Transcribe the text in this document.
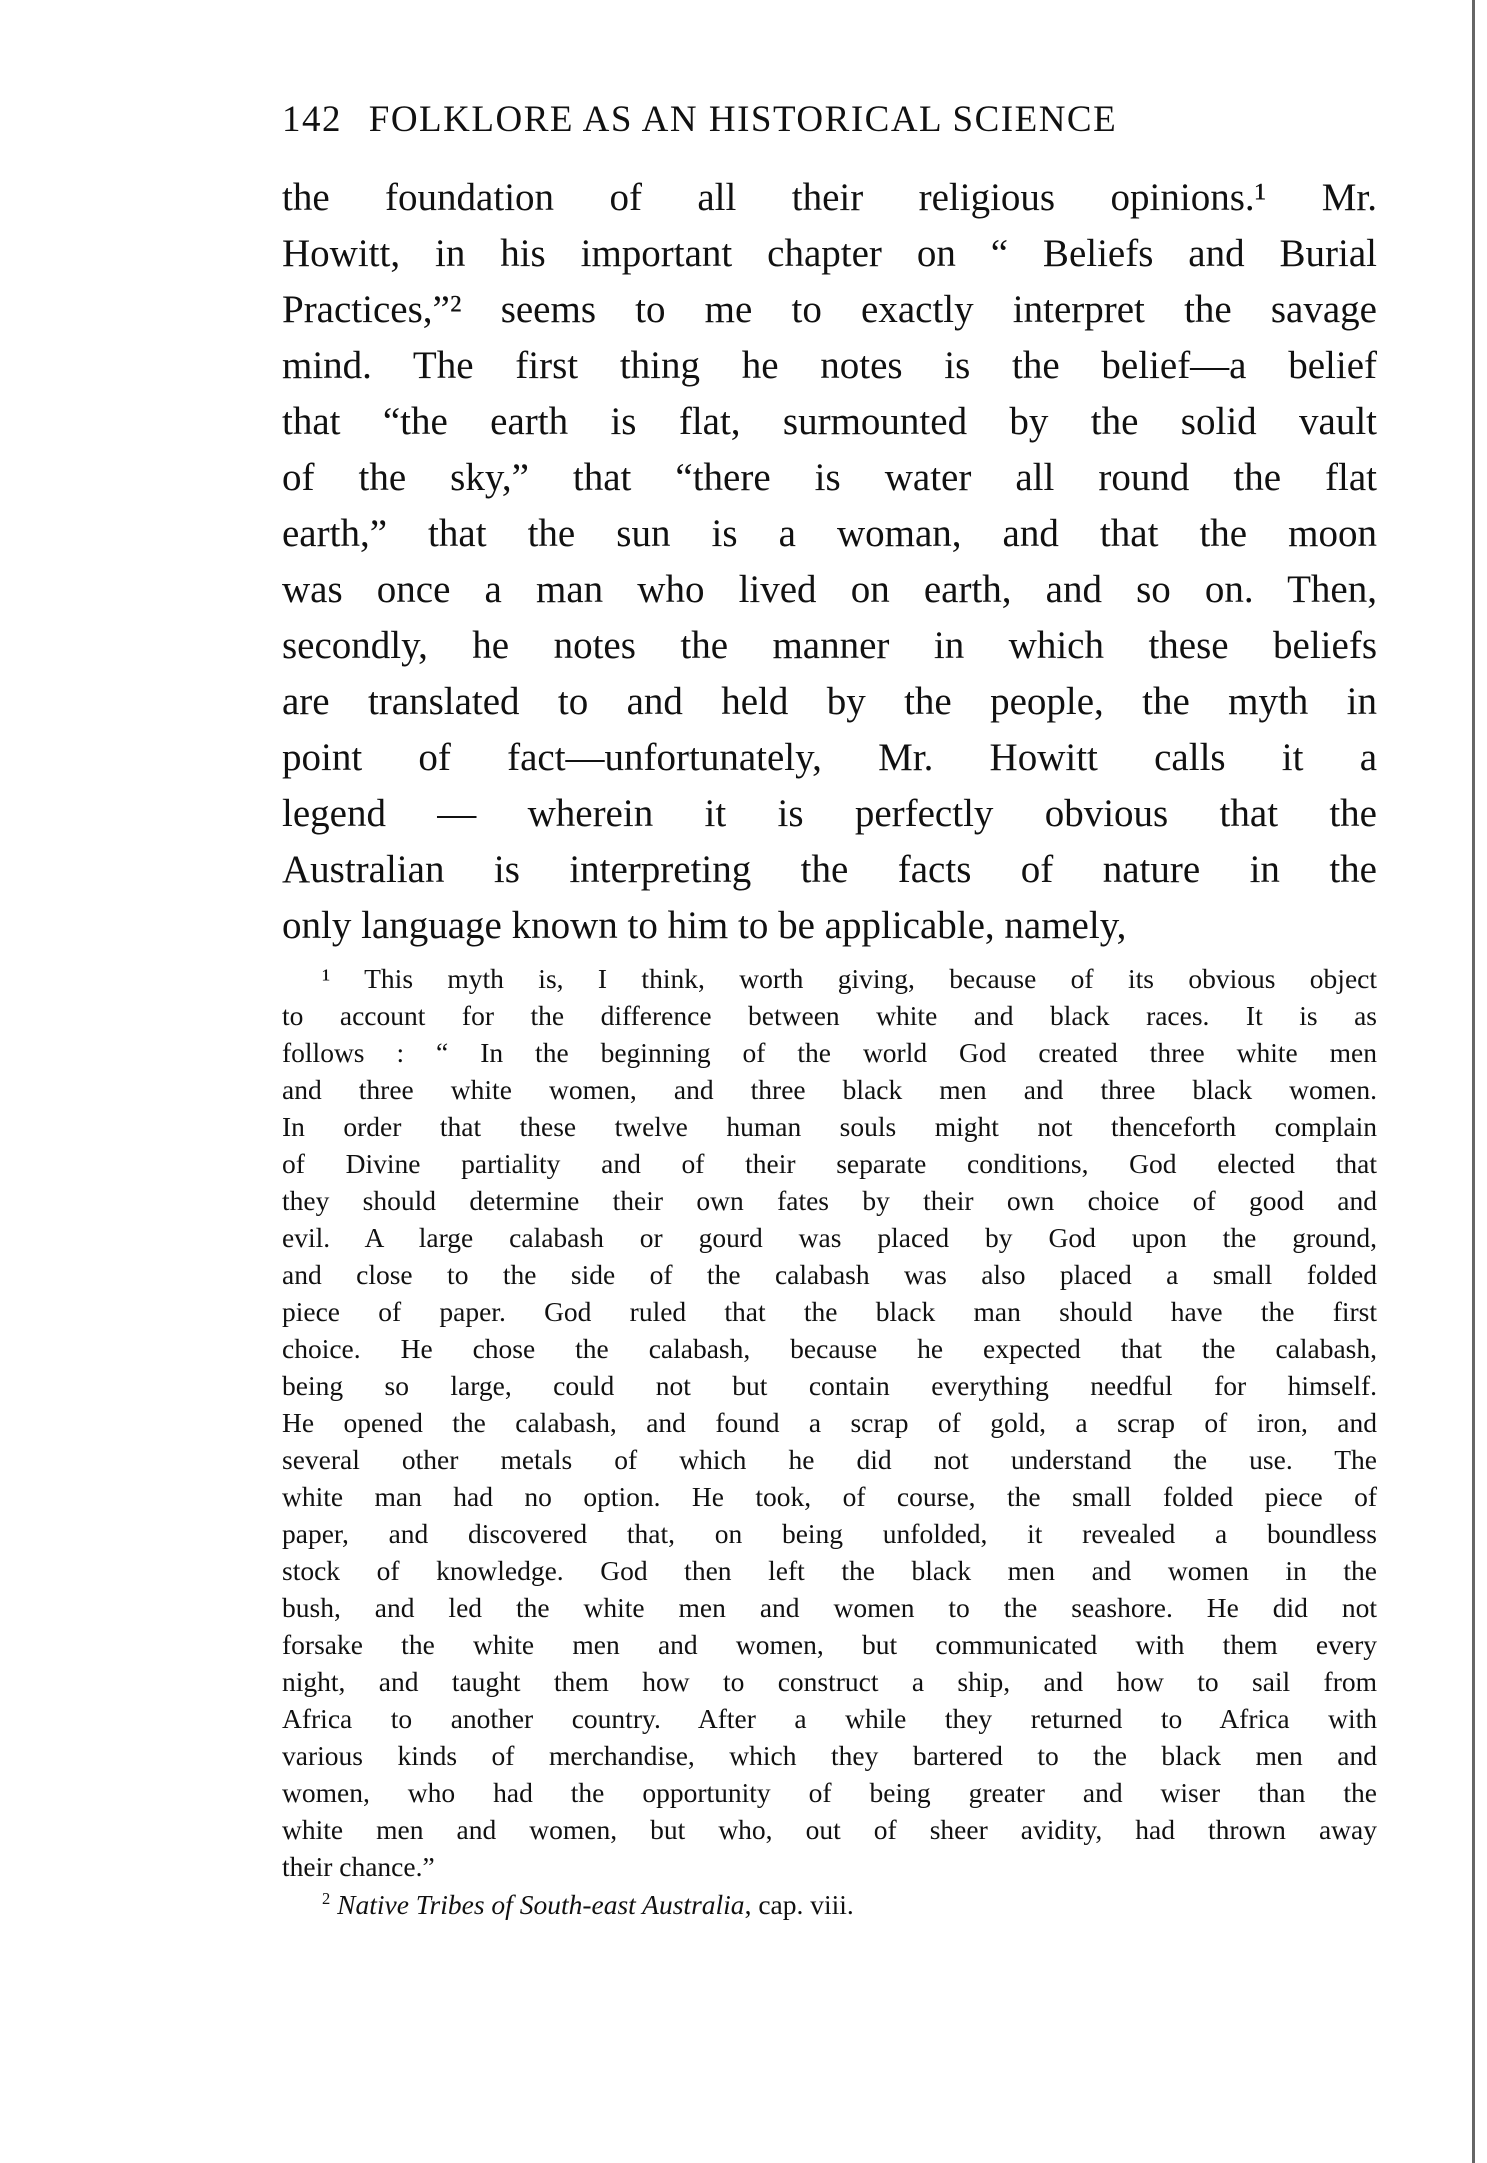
142 FOLKLORE AS AN HISTORICAL SCIENCE
the foundation of all their religious opinions.¹ Mr.
Howitt, in his important chapter on “ Beliefs and Burial
Practices,”² seems to me to exactly interpret the savage
mind. The first thing he notes is the belief—a belief
that “the earth is flat, surmounted by the solid vault
of the sky,” that “there is water all round the flat
earth,” that the sun is a woman, and that the moon
was once a man who lived on earth, and so on. Then,
secondly, he notes the manner in which these beliefs
are translated to and held by the people, the myth in
point of fact—unfortunately, Mr. Howitt calls it a
legend — wherein it is perfectly obvious that the
Australian is interpreting the facts of nature in the
only language known to him to be applicable, namely,
¹ This myth is, I think, worth giving, because of its obvious object
to account for the difference between white and black races. It is as
follows : “ In the beginning of the world God created three white men
and three white women, and three black men and three black women.
In order that these twelve human souls might not thenceforth complain
of Divine partiality and of their separate conditions, God elected that
they should determine their own fates by their own choice of good and
evil. A large calabash or gourd was placed by God upon the ground,
and close to the side of the calabash was also placed a small folded
piece of paper. God ruled that the black man should have the first
choice. He chose the calabash, because he expected that the calabash,
being so large, could not but contain everything needful for himself.
He opened the calabash, and found a scrap of gold, a scrap of iron, and
several other metals of which he did not understand the use. The
white man had no option. He took, of course, the small folded piece of
paper, and discovered that, on being unfolded, it revealed a boundless
stock of knowledge. God then left the black men and women in the
bush, and led the white men and women to the seashore. He did not
forsake the white men and women, but communicated with them every
night, and taught them how to construct a ship, and how to sail from
Africa to another country. After a while they returned to Africa with
various kinds of merchandise, which they bartered to the black men and
women, who had the opportunity of being greater and wiser than the
white men and women, but who, out of sheer avidity, had thrown away
their chance.”
$^2$ Native Tribes of South-east Australia, cap. viii.
